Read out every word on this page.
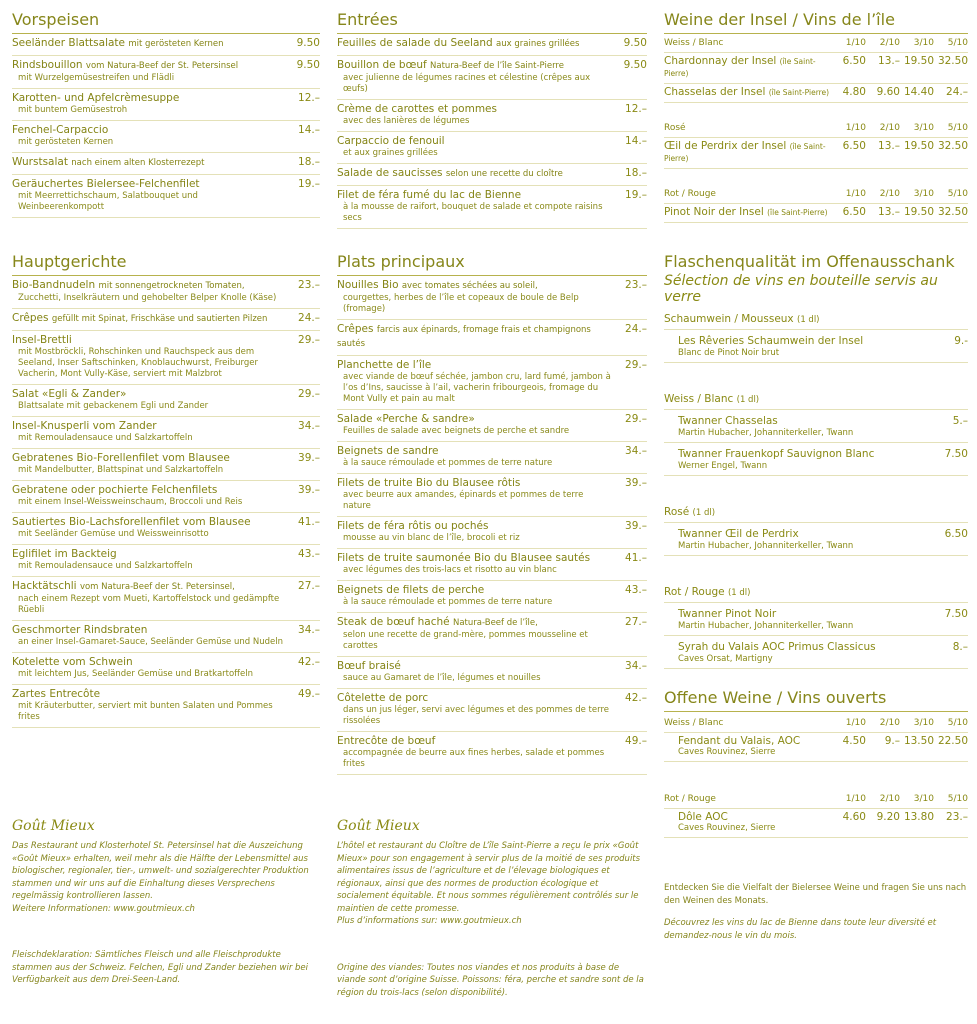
Vorspeisen
Seeländer Blattsalate mit gerösteten Kernen	9.50
Rindsbouillon vom Natura-Beef der St. Petersinsel
mit Wurzelgemüsestreifen und Flädli
9.50
Karotten- und Apfelcrèmesuppe
mit buntem Gemüsestroh
12.–
Fenchel-Carpaccio
mit gerösteten Kernen
14.–
Wurstsalat nach einem alten Klosterrezept	18.–
Geräuchertes Bielersee-Felchenfilet
mit Meerrettichschaum, Salatbouquet und Weinbeerenkompott
19.–
Hauptgerichte
Bio-Bandnudeln mit sonnengetrockneten Tomaten,
Zucchetti, Inselkräutern und gehobelter Belper Knolle (Käse)
23.–
Crêpes gefüllt mit Spinat, Frischkäse und sautierten Pilzen	24.–
Insel-Brettli
mit Mostbröckli, Rohschinken und Rauchspeck aus dem Seeland, Inser Saftschinken, Knoblauchwurst, Freiburger Vacherin, Mont Vully-Käse, serviert mit Malzbrot
29.–
Salat «Egli & Zander»
Blattsalate mit gebackenem Egli und Zander
29.–
Insel-Knusperli vom Zander
mit Remouladensauce und Salzkartoffeln
34.–
Gebratenes Bio-Forellenfilet vom Blausee
mit Mandelbutter, Blattspinat und Salzkartoffeln
39.–
Gebratene oder pochierte Felchenfilets
mit einem Insel-Weissweinschaum, Broccoli und Reis
39.–
Sautiertes Bio-Lachsforellenfilet vom Blausee
mit Seeländer Gemüse und Weissweinrisotto
41.–
Eglifilet im Backteig
mit Remouladensauce und Salzkartoffeln
43.–
Hacktätschli vom Natura-Beef der St. Petersinsel,
nach einem Rezept vom Mueti, Kartoffelstock und gedämpfte Rüebli
27.–
Geschmorter Rindsbraten
an einer Insel-Gamaret-Sauce, Seeländer Gemüse und Nudeln
34.–
Kotelette vom Schwein
mit leichtem Jus, Seeländer Gemüse und Bratkartoffeln
42.–
Zartes Entrecôte
mit Kräuterbutter, serviert mit bunten Salaten und Pommes frites
49.–
Goût Mieux
Das Restaurant und Klosterhotel St. Petersinsel hat die Auszeichung «Goût Mieux» erhalten, weil mehr als die Hälfte der Lebensmittel aus biologischer, regionaler, tier-, umwelt- und sozialgerechter Produktion stammen und wir uns auf die Einhaltung dieses Versprechens regelmässig kontrollieren lassen.
Weitere Informationen: www.goutmieux.ch
Fleischdeklaration: Sämtliches Fleisch und alle Fleischprodukte stammen aus der Schweiz. Felchen, Egli und Zander beziehen wir bei Verfügbarkeit aus dem Drei-Seen-Land.
Entrées
Feuilles de salade du Seeland aux graines grillées	9.50
Bouillon de bœuf Natura-Beef de l’île Saint-Pierre
avec julienne de légumes racines et célestine (crêpes aux œufs)
9.50
Crème de carottes et pommes
avec des lanières de légumes
12.–
Carpaccio de fenouil
et aux graines grillées
14.–
Salade de saucisses selon une recette du cloître	18.–
Filet de féra fumé du lac de Bienne
à la mousse de raifort, bouquet de salade et compote raisins secs
19.–
Plats principaux
Nouilles Bio avec tomates séchées au soleil,
courgettes, herbes de l’île et copeaux de boule de Belp (fromage)
23.–
Crêpes farcis aux épinards, fromage frais et champignons sautés
24.–
Planchette de l’île
avec viande de bœuf séchée, jambon cru, lard fumé, jambon à l’os d’Ins, saucisse à l’ail, vacherin fribourgeois, fromage du Mont Vully et pain au malt
29.–
Salade «Perche & sandre»
Feuilles de salade avec beignets de perche et sandre
29.–
Beignets de sandre
à la sauce rémoulade et pommes de terre nature
34.–
Filets de truite Bio du Blausee rôtis
avec beurre aux amandes, épinards et pommes de terre nature
39.–
Filets de féra rôtis ou pochés
mousse au vin blanc de l’île, brocoli et riz
39.–
Filets de truite saumonée Bio du Blausee sautés
avec légumes des trois-lacs et risotto au vin blanc
41.–
Beignets de filets de perche
à la sauce rémoulade et pommes de terre nature
43.–
Steak de bœuf haché Natura-Beef de l’île,
selon une recette de grand-mère, pommes mousseline et carottes
27.–
Bœuf braisé
sauce au Gamaret de l’île, légumes et nouilles
34.–
Côtelette de porc
dans un jus léger, servi avec légumes et des pommes de terre rissolées
42.–
Entrecôte de bœuf
accompagnée de beurre aux fines herbes, salade et pommes frites
49.–
Goût Mieux
L’hôtel et restaurant du Cloître de L’île Saint-Pierre a reçu le prix «Goût Mieux» pour son engagement à servir plus de la moitié de ses produits alimentaires issus de l’agriculture et de l’élevage biologiques et régionaux, ainsi que des normes de production écologique et socialement équitable. Et nous sommes régulièrement contrôlés sur le maintien de cette promesse.
Plus d’informations sur: www.goutmieux.ch
Origine des viandes: Toutes nos viandes et nos produits à base de viande sont d’origine Suisse. Poissons: féra, perche et sandre sont de la région du trois-lacs (selon disponibilité).
Weine der Insel / Vins de l’île
Weiss / Blanc	1/10	2/10	3/10	5/10
Chardonnay der Insel (île Saint-Pierre)	6.50	13.–	19.50	32.50
Chasselas der Insel (île Saint-Pierre)	4.80	9.60	14.40	24.–
Rosé	1/10	2/10	3/10	5/10
Œil de Perdrix der Insel (île Saint-Pierre)	6.50	13.–	19.50	32.50
Rot / Rouge	1/10	2/10	3/10	5/10
Pinot Noir der Insel (île Saint-Pierre)	6.50	13.–	19.50	32.50
Flaschenqualität im Offenausschank
Sélection de vins en bouteille servis au verre
Schaumwein / Mousseux (1 dl)
Les Rêveries Schaumwein der Insel
Blanc de Pinot Noir brut
9.-
Weiss / Blanc (1 dl)
Twanner Chasselas
Martin Hubacher, Johanniterkeller, Twann
5.–
Twanner Frauenkopf Sauvignon Blanc
Werner Engel, Twann
7.50
Rosé (1 dl)
Twanner Œil de Perdrix
Martin Hubacher, Johanniterkeller, Twann
6.50
Rot / Rouge (1 dl)
Twanner Pinot Noir
Martin Hubacher, Johanniterkeller, Twann
7.50
Syrah du Valais AOC Primus Classicus
Caves Orsat, Martigny
8.–
Offene Weine / Vins ouverts
Weiss / Blanc	1/10	2/10	3/10	5/10

Fendant du Valais, AOC
Caves Rouvinez, Sierre	4.50	9.–	13.50	22.50
Rot / Rouge	1/10	2/10	3/10	5/10

Dôle AOC
Caves Rouvinez, Sierre	4.60	9.20	13.80	23.–
Entdecken Sie die Vielfalt der Bielersee Weine und fragen Sie uns nach den Weinen des Monats.
Découvrez les vins du lac de Bienne dans toute leur diversité et demandez-nous le vin du mois.
